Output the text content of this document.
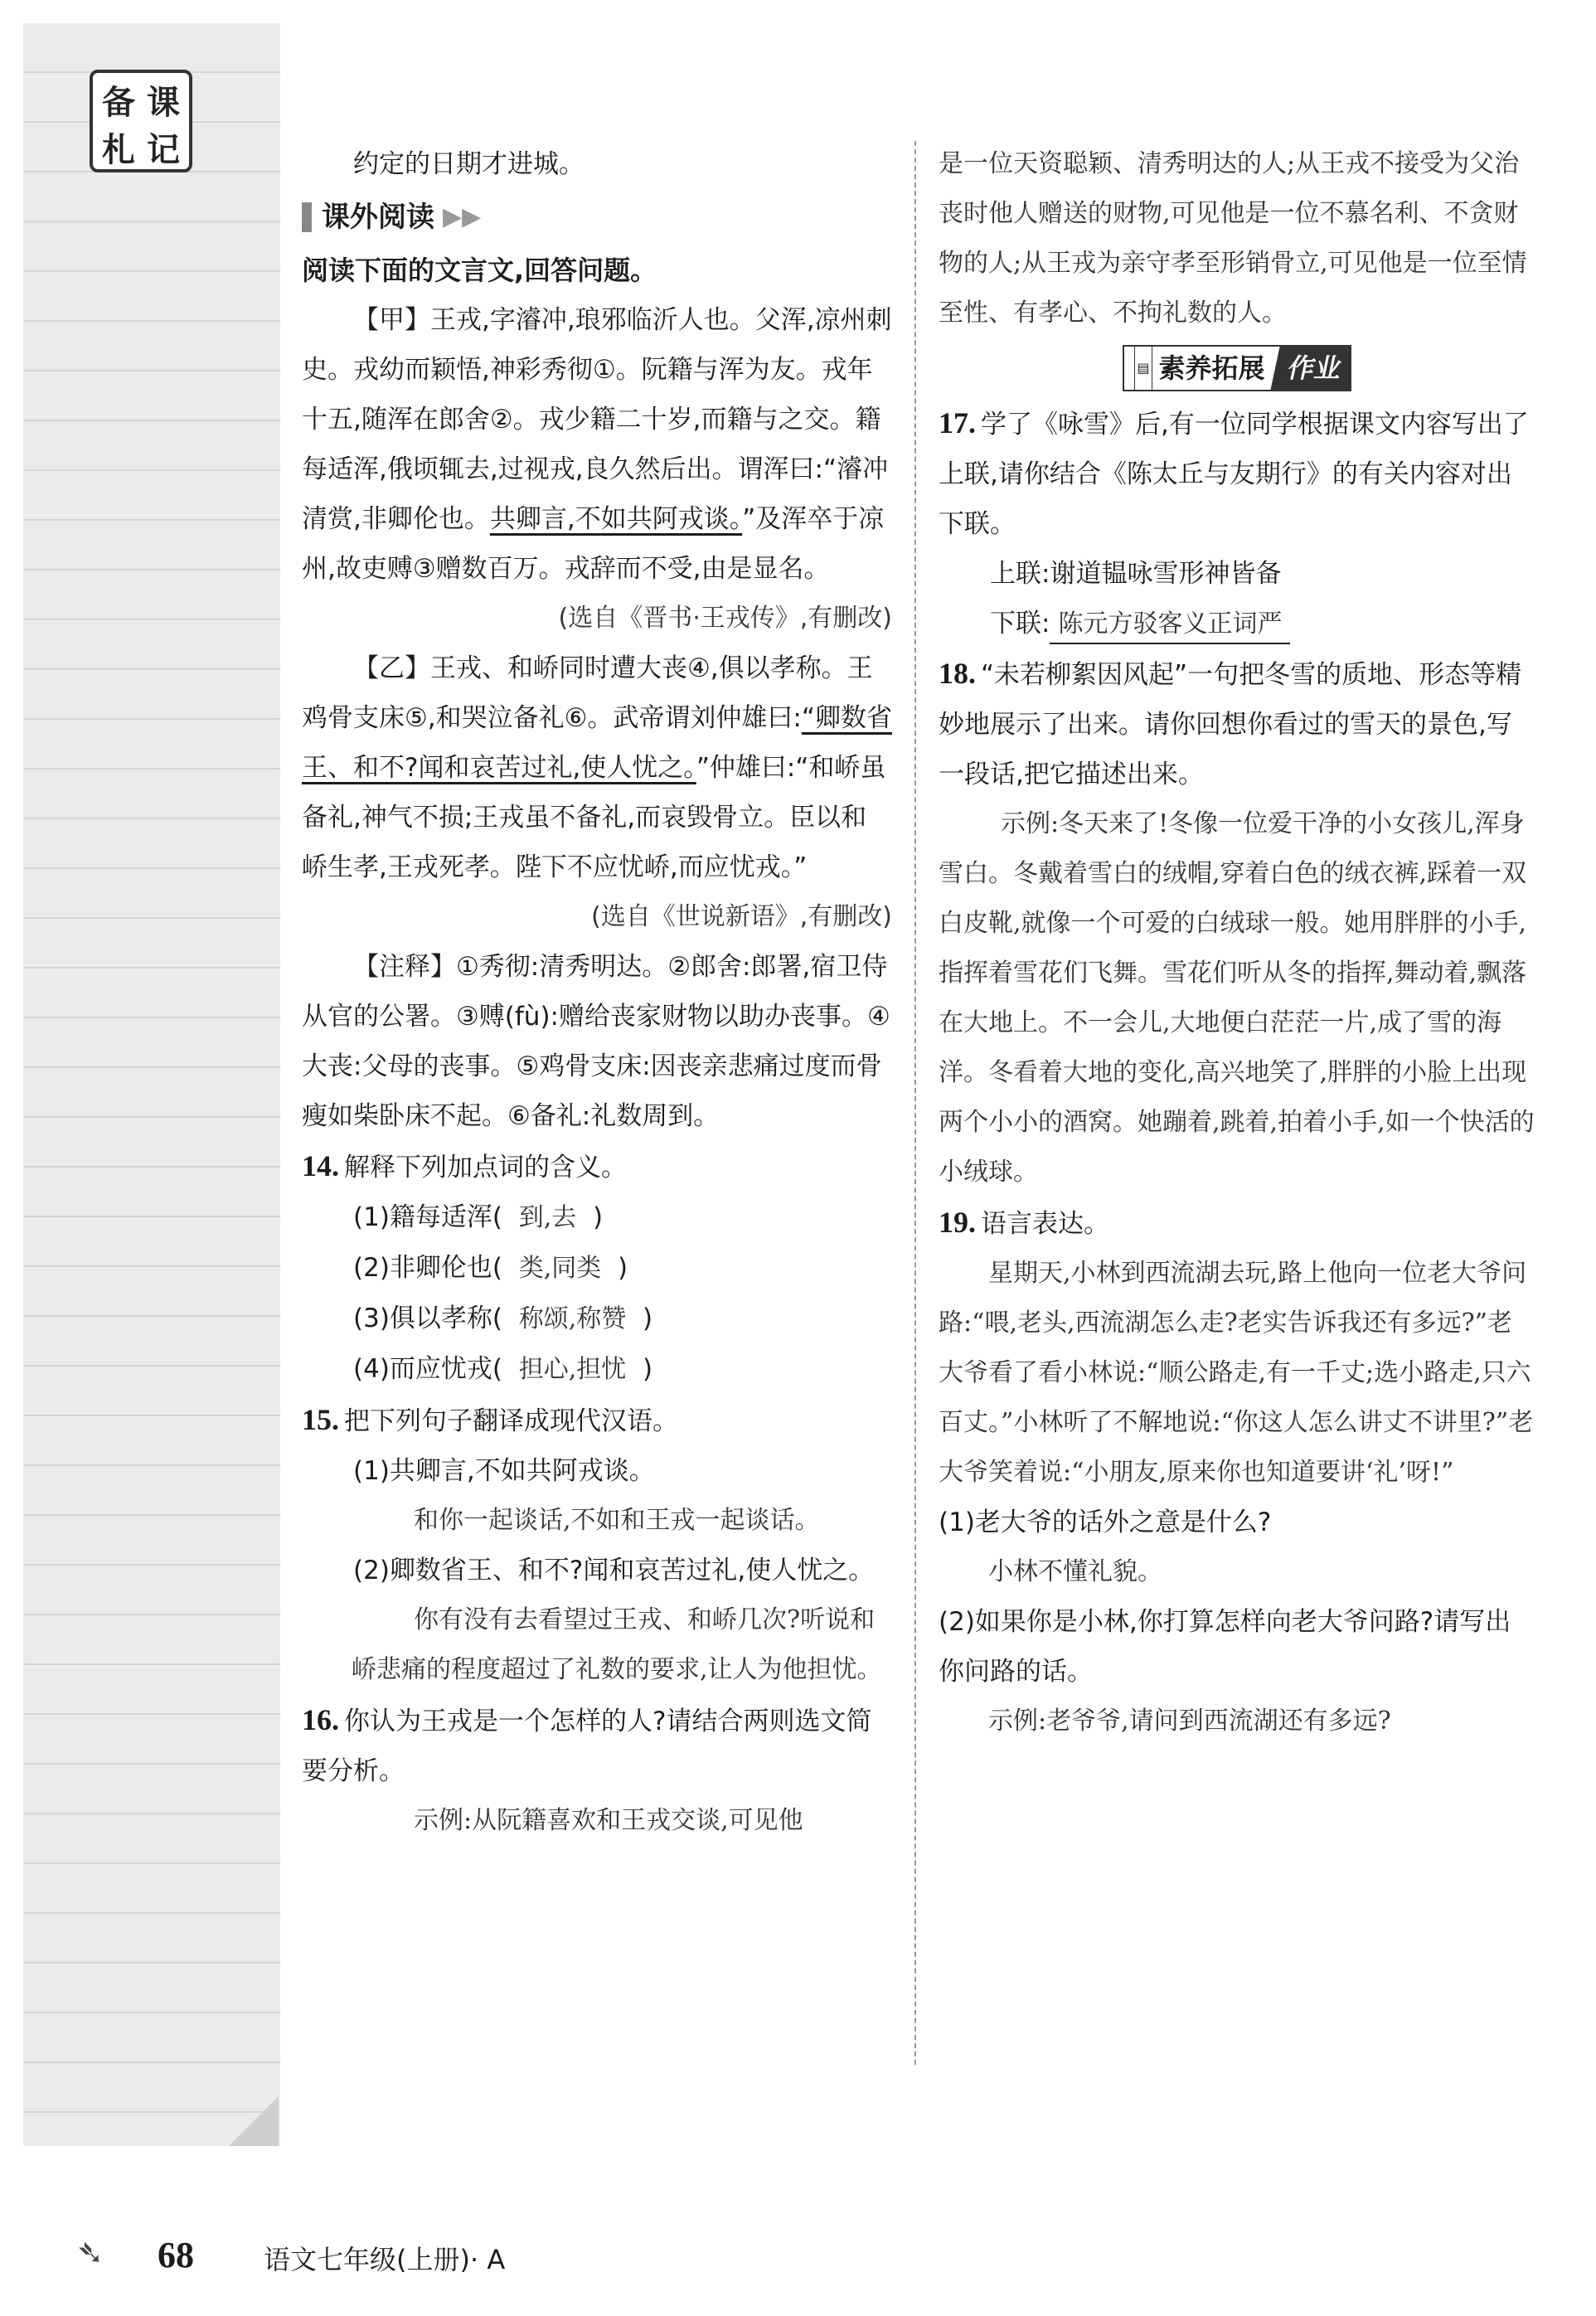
备 课
札 记	约定的日期才进城。

课外阅读 ▶▶

阅读下面的文言文,回答问题。

【甲】王戎,字濬冲,琅邪临沂人也。父浑,凉州刺史。戎幼而颖悟,神彩秀彻①。阮籍与浑为友。戎年十五,随浑在郎舍②。戎少籍二十岁,而籍与之交。籍每适浑,俄顷辄去,过视戎,良久然后出。谓浑曰:“濬冲清赏,非卿伦也。共卿言,不如共阿戎谈。”及浑卒于凉州,故吏赙③赠数百万。戎辞而不受,由是显名。

(选自《晋书·王戎传》,有删改)

【乙】王戎、和峤同时遭大丧④,俱以孝称。王鸡骨支床⑤,和哭泣备礼⑥。武帝谓刘仲雄曰:“卿数省王、和不?闻和哀苦过礼,使人忧之。”仲雄曰:“和峤虽备礼,神气不损;王戎虽不备礼,而哀毁骨立。臣以和峤生孝,王戎死孝。陛下不应忧峤,而应忧戎。”

(选自《世说新语》,有删改)

【注释】①秀彻:清秀明达。②郎舍:郎署,宿卫侍从官的公署。③赙(fù):赠给丧家财物以助办丧事。④大丧:父母的丧事。⑤鸡骨支床:因丧亲悲痛过度而骨瘦如柴卧床不起。⑥备礼:礼数周到。

14. 解释下列加点词的含义。

(1)籍每适浑( 到,去 )

(2)非卿伦也( 类,同类 )

(3)俱以孝称( 称颂,称赞 )

(4)而应忧戎( 担心,担忧 )

15. 把下列句子翻译成现代汉语。

(1)共卿言,不如共阿戎谈。

和你一起谈话,不如和王戎一起谈话。

(2)卿数省王、和不?闻和哀苦过礼,使人忧之。

你有没有去看望过王戎、和峤几次?听说和峤悲痛的程度超过了礼数的要求,让人为他担忧。

16. 你认为王戎是一个怎样的人?请结合两则选文简要分析。

示例:从阮籍喜欢和王戎交谈,可见他

是一位天资聪颖、清秀明达的人;从王戎不接受为父治丧时他人赠送的财物,可见他是一位不慕名利、不贪财物的人;从王戎为亲守孝至形销骨立,可见他是一位至情至性、有孝心、不拘礼数的人。

▤ 素养拓展 作业

17. 学了《咏雪》后,有一位同学根据课文内容写出了上联,请你结合《陈太丘与友期行》的有关内容对出下联。

上联:谢道韫咏雪形神皆备

下联: 陈元方驳客义正词严

18. “未若柳絮因风起”一句把冬雪的质地、形态等精妙地展示了出来。请你回想你看过的雪天的景色,写一段话,把它描述出来。

示例:冬天来了!冬像一位爱干净的小女孩儿,浑身雪白。冬戴着雪白的绒帽,穿着白色的绒衣裤,踩着一双白皮靴,就像一个可爱的白绒球一般。她用胖胖的小手,指挥着雪花们飞舞。雪花们听从冬的指挥,舞动着,飘落在大地上。不一会儿,大地便白茫茫一片,成了雪的海洋。冬看着大地的变化,高兴地笑了,胖胖的小脸上出现两个小小的酒窝。她蹦着,跳着,拍着小手,如一个快活的小绒球。

19. 语言表达。

星期天,小林到西流湖去玩,路上他向一位老大爷问路:“喂,老头,西流湖怎么走?老实告诉我还有多远?”老大爷看了看小林说:“顺公路走,有一千丈;选小路走,只六百丈。”小林听了不解地说:“你这人怎么讲丈不讲里?”老大爷笑着说:“小朋友,原来你也知道要讲‘礼’呀!”

(1)老大爷的话外之意是什么?

小林不懂礼貌。

(2)如果你是小林,你打算怎样向老大爷问路?请写出你问路的话。

示例:老爷爷,请问到西流湖还有多远?

➴ 68	语文七年级(上册)· A
